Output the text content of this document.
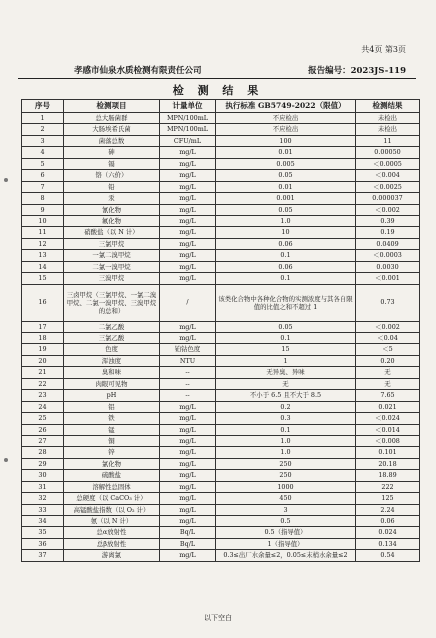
共4页 第3页
孝感市仙泉水质检测有限责任公司	报告编号：2023JS-119
检 测 结 果
序号	检测项目	计量单位	执行标准 GB5749-2022（限值）	检测结果
1	总大肠菌群	MPN/100mL	不应检出	未检出
2	大肠埃希氏菌	MPN/100mL	不应检出	未检出
3	菌落总数	CFU/mL	100	11
4	砷	mg/L	0.01	0.00050
5	镉	mg/L	0.005	＜0.0005
6	铬（六价）	mg/L	0.05	＜0.004
7	铅	mg/L	0.01	＜0.0025
8	汞	mg/L	0.001	0.000037
9	氰化物	mg/L	0.05	＜0.002
10	氟化物	mg/L	1.0	0.39
11	硝酸盐（以 N 计）	mg/L	10	0.19
12	三氯甲烷	mg/L	0.06	0.0409
13	一氯二溴甲烷	mg/L	0.1	＜0.0003
14	二氯一溴甲烷	mg/L	0.06	0.0030
15	三溴甲烷	mg/L	0.1	＜0.001
16	三卤甲烷（三氯甲烷、一氯二溴甲烷、二氯一溴甲烷、三溴甲烷的总和）	/	该类化合物中各种化合物的实测浓度与其各自限值的比值之和不超过 1	0.73
17	二氯乙酸	mg/L	0.05	＜0.002
18	三氯乙酸	mg/L	0.1	＜0.04
19	色度	铂钴色度	15	＜5
20	浑浊度	NTU	1	0.20
21	臭和味	--	无异臭、异味	无
22	肉眼可见物	--	无	无
23	pH	--	不小于 6.5 且不大于 8.5	7.65
24	铝	mg/L	0.2	0.021
25	铁	mg/L	0.3	＜0.024
26	锰	mg/L	0.1	＜0.014
27	铜	mg/L	1.0	＜0.008
28	锌	mg/L	1.0	0.101
29	氯化物	mg/L	250	20.18
30	硫酸盐	mg/L	250	18.89
31	溶解性总固体	mg/L	1000	222
32	总硬度（以 CaCO₃ 计）	mg/L	450	125
33	高锰酸盐指数（以 O₂ 计）	mg/L	3	2.24
34	氨（以 N 计）	mg/L	0.5	0.06
35	总α放射性	Bq/L	0.5（指导值）	0.024
36	总β放射性	Bq/L	1（指导值）	0.134
37	游离氯	mg/L	0.3≤出厂水余量≤2，0.05≤末梢水余量≤2	0.54
以下空白
